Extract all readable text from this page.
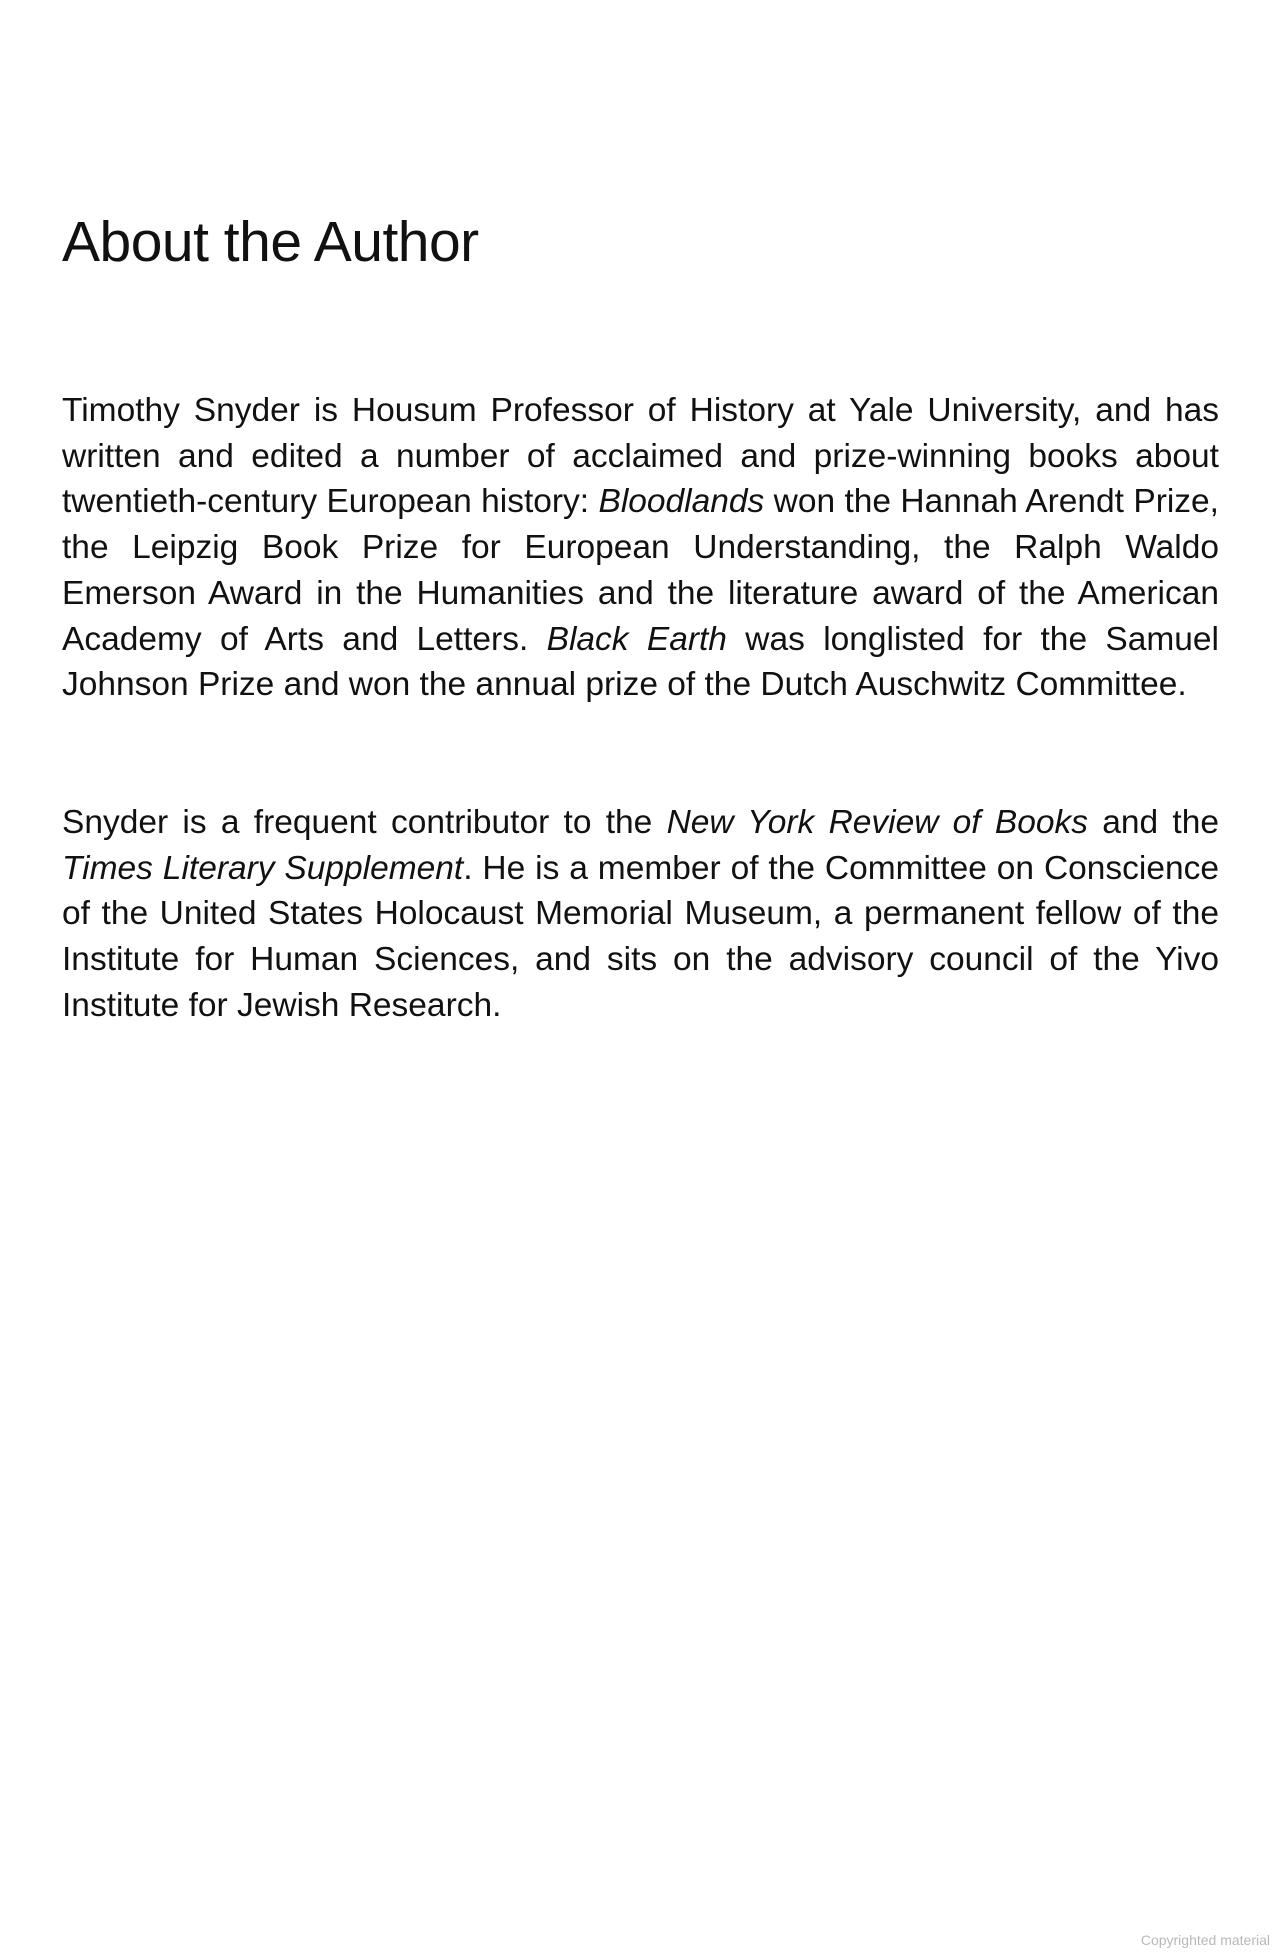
About the Author

Timothy Snyder is Housum Professor of History at Yale University, and has written and edited a number of acclaimed and prize-winning books about twentieth-century European history: Bloodlands won the Hannah Arendt Prize, the Leipzig Book Prize for European Understanding, the Ralph Waldo Emerson Award in the Humanities and the literature award of the American Academy of Arts and Letters. Black Earth was longlisted for the Samuel Johnson Prize and won the annual prize of the Dutch Auschwitz Committee.

Snyder is a frequent contributor to the New York Review of Books and the Times Literary Supplement. He is a member of the Committee on Conscience of the United States Holocaust Memorial Museum, a permanent fellow of the Institute for Human Sciences, and sits on the advisory council of the Yivo Institute for Jewish Research.

Copyrighted material
